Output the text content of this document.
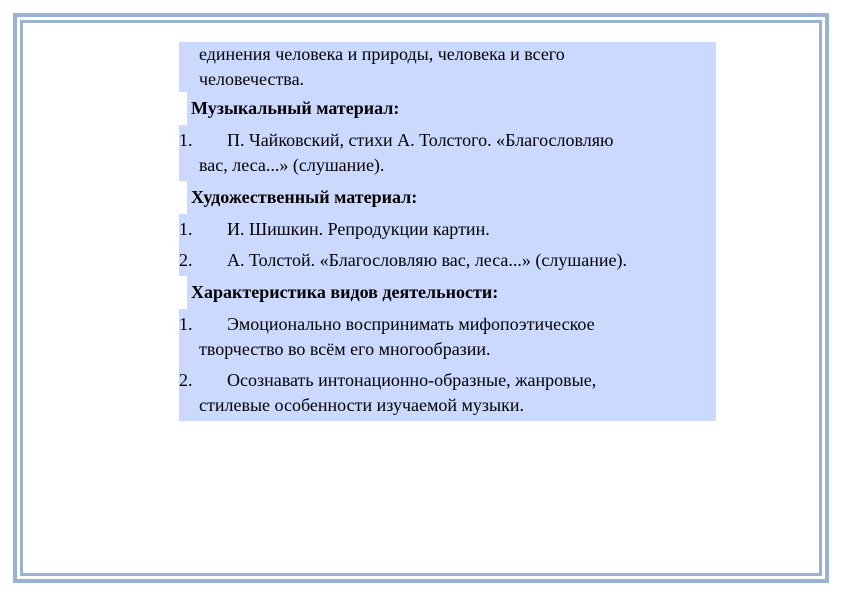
единения человека и природы, человека и всего
человечества.
Музыкальный материал:
1.	П. Чайковский, стихи А. Толстого. «Благословляю
вас, леса...» (слушание).
Художественный материал:
1.	И. Шишкин. Репродукции картин.
2.	А. Толстой. «Благословляю вас, леса...» (слушание).
Характеристика видов деятельности:
1.	Эмоционально воспринимать мифопоэтическое
творчество во всём его многообразии.
2.	Осознавать интонационно-образные, жанровые,
стилевые особенности изучаемой музыки.
